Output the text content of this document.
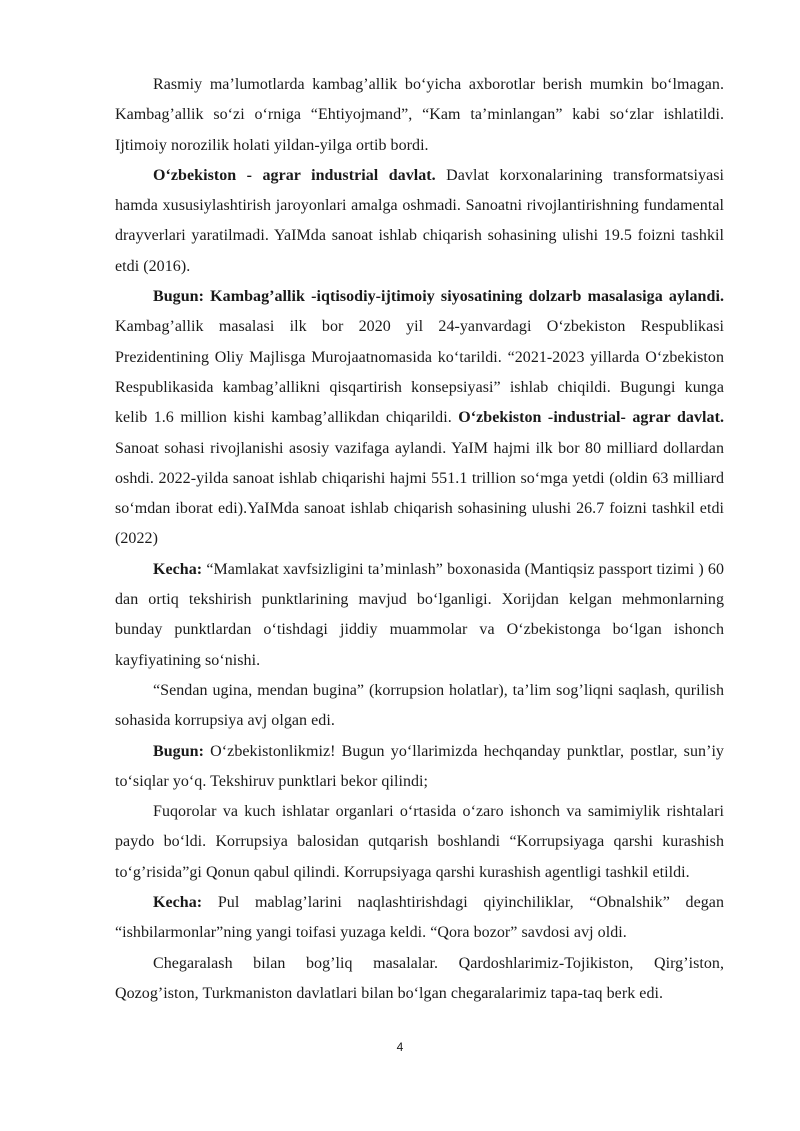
Rasmiy ma’lumotlarda kambag’allik bo‘yicha axborotlar berish mumkin bo‘lmagan. Kambag’allik so‘zi o‘rniga “Ehtiyojmand”, “Kam ta’minlangan” kabi so‘zlar ishlatildi. Ijtimoiy norozilik holati yildan-yilga ortib bordi.

O‘zbekiston - agrar industrial davlat. Davlat korxonalarining transformatsiyasi hamda xususiylashtirish jaroyonlari amalga oshmadi. Sanoatni rivojlantirishning fundamental drayverlari yaratilmadi. YaIMda sanoat ishlab chiqarish sohasining ulishi 19.5 foizni tashkil etdi (2016).

Bugun: Kambag’allik -iqtisodiy-ijtimoiy siyosatining dolzarb masalasiga aylandi. Kambag’allik masalasi ilk bor 2020 yil 24-yanvardagi O‘zbekiston Respublikasi Prezidentining Oliy Majlisga Murojaatnomasida ko‘tarildi. “2021-2023 yillarda O‘zbekiston Respublikasida kambag’allikni qisqartirish konsepsiyasi” ishlab chiqildi. Bugungi kunga kelib 1.6 million kishi kambag’allikdan chiqarildi. O‘zbekiston -industrial- agrar davlat. Sanoat sohasi rivojlanishi asosiy vazifaga aylandi. YaIM hajmi ilk bor 80 milliard dollardan oshdi. 2022-yilda sanoat ishlab chiqarishi hajmi 551.1 trillion so‘mga yetdi (oldin 63 milliard so‘mdan iborat edi).YaIMda sanoat ishlab chiqarish sohasining ulushi 26.7 foizni tashkil etdi (2022)

Kecha: “Mamlakat xavfsizligini ta’minlash” boxonasida (Mantiqsiz passport tizimi ) 60 dan ortiq tekshirish punktlarining mavjud bo‘lganligi. Xorijdan kelgan mehmonlarning bunday punktlardan o‘tishdagi jiddiy muammolar va O‘zbekistonga bo‘lgan ishonch kayfiyatining so‘nishi.

“Sendan ugina, mendan bugina” (korrupsion holatlar), ta’lim sog’liqni saqlash, qurilish sohasida korrupsiya avj olgan edi.

Bugun: O‘zbekistonlikmiz! Bugun yo‘llarimizda hechqanday punktlar, postlar, sun’iy to‘siqlar yo‘q. Tekshiruv punktlari bekor qilindi;

Fuqorolar va kuch ishlatar organlari o‘rtasida o‘zaro ishonch va samimiylik rishtalari paydo bo‘ldi. Korrupsiya balosidan qutqarish boshlandi “Korrupsiyaga qarshi kurashish to‘g’risida”gi Qonun qabul qilindi. Korrupsiyaga qarshi kurashish agentligi tashkil etildi.

Kecha: Pul mablag’larini naqlashtirishdagi qiyinchiliklar, “Obnalshik” degan “ishbilarmonlar”ning yangi toifasi yuzaga keldi. “Qora bozor” savdosi avj oldi.

Chegaralash bilan bog’liq masalalar. Qardoshlarimiz-Tojikiston, Qirg’iston, Qozog’iston, Turkmaniston davlatlari bilan bo‘lgan chegaralarimiz tapa-taq berk edi.

4
